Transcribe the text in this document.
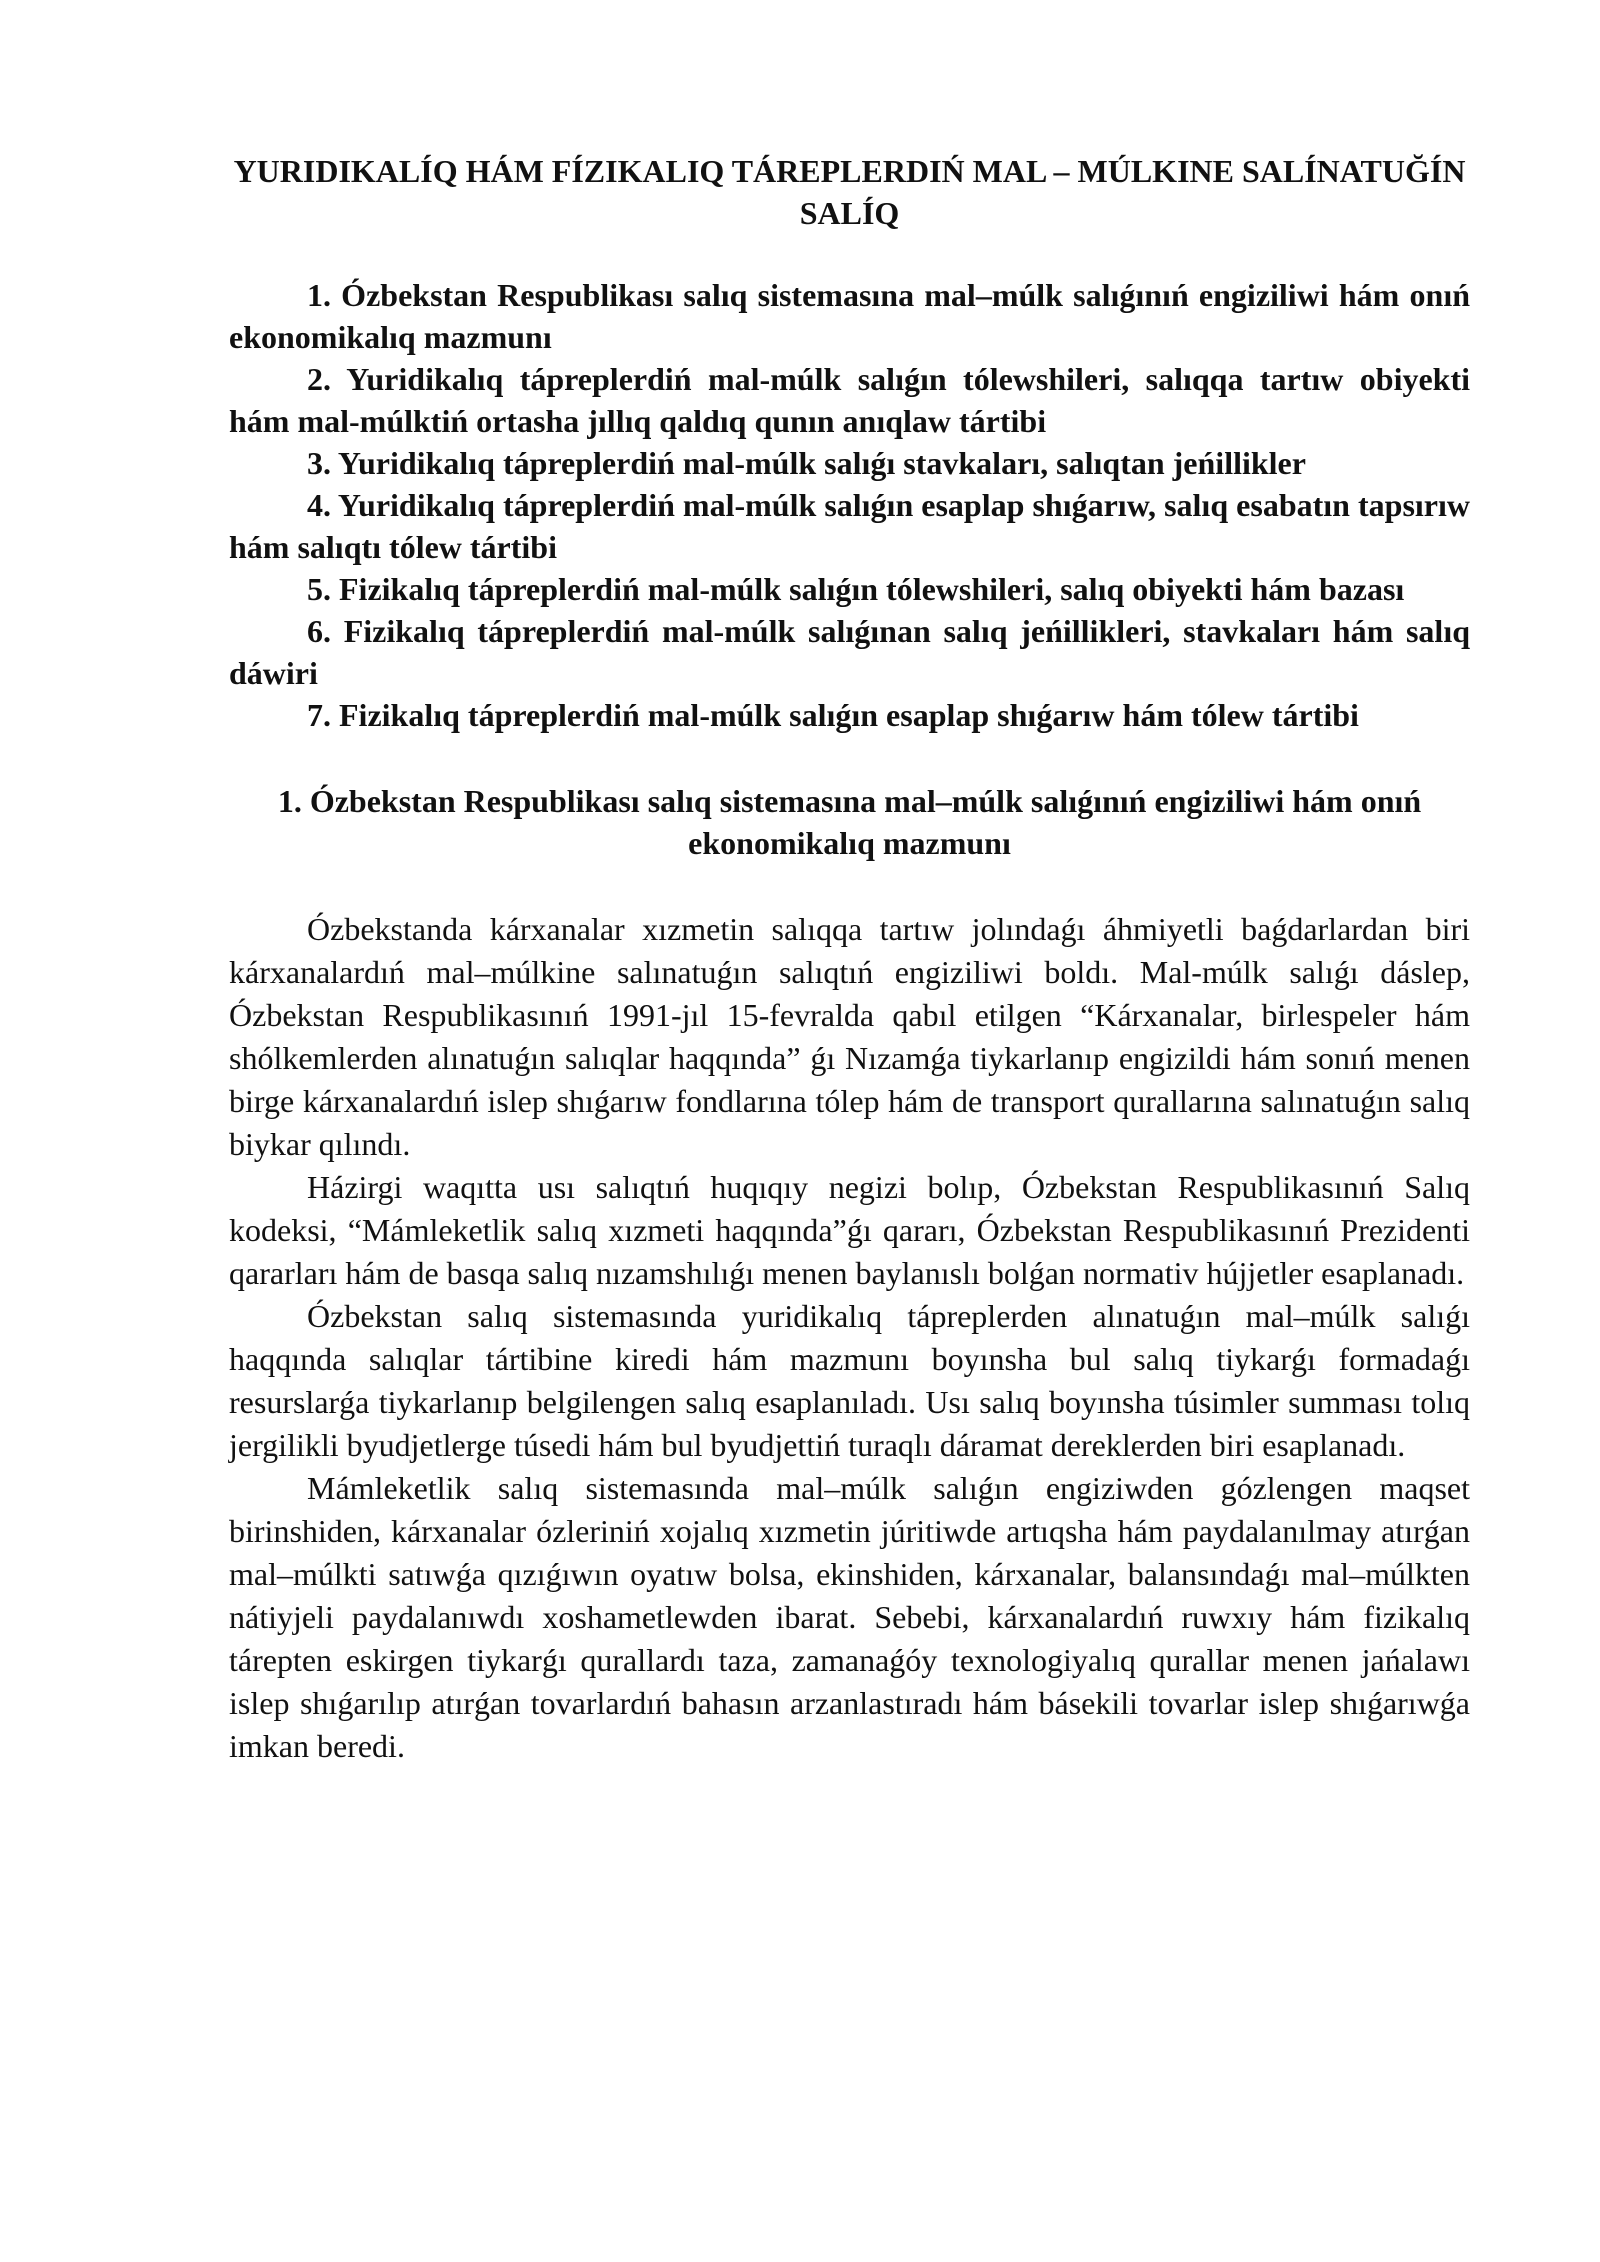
YURIDIKALÍQ HÁM FÍZIKALIQ TÁREPLERDIŃ MAL – MÚLKINE SALÍNATUĞÍN SALÍQ

1. Ózbekstan Respublikası salıq sistemasına mal–múlk salıǵınıń engiziliwi hám onıń ekonomikalıq mazmunı

2. Yuridikalıq tápreplerdiń mal-múlk salıǵın tólewshileri, salıqqa tartıw obiyekti hám mal-múlktiń ortasha jıllıq qaldıq qunın anıqlaw tártibi

3. Yuridikalıq tápreplerdiń mal-múlk salıǵı stavkaları, salıqtan jeńillikler

4. Yuridikalıq tápreplerdiń mal-múlk salıǵın esaplap shıǵarıw, salıq esabatın tapsırıw hám salıqtı tólew tártibi

5. Fizikalıq tápreplerdiń mal-múlk salıǵın tólewshileri, salıq obiyekti hám bazası

6. Fizikalıq tápreplerdiń mal-múlk salıǵınan salıq jeńillikleri, stavkaları hám salıq dáwiri

7. Fizikalıq tápreplerdiń mal-múlk salıǵın esaplap shıǵarıw hám tólew tártibi

1. Ózbekstan Respublikası salıq sistemasına mal–múlk salıǵınıń engiziliwi hám onıń ekonomikalıq mazmunı

Ózbekstanda kárxanalar xızmetin salıqqa tartıw jolındaǵı áhmiyetli baǵdarlardan biri kárxanalardıń mal–múlkine salınatuǵın salıqtıń engiziliwi boldı. Mal-múlk salıǵı dáslep, Ózbekstan Respublikasınıń 1991-jıl 15-fevralda qabıl etilgen “Kárxanalar, birlespeler hám shólkemlerden alınatuǵın salıqlar haqqında” ǵı Nızamǵa tiykarlanıp engizildi hám sonıń menen birge kárxanalardıń islep shıǵarıw fondlarına tólep hám de transport qurallarına salınatuǵın salıq biykar qılındı.

Házirgi waqıtta usı salıqtıń huqıqıy negizi bolıp, Ózbekstan Respublikasınıń Salıq kodeksi, “Mámleketlik salıq xızmeti haqqında”ǵı qararı, Ózbekstan Respublikasınıń Prezidenti qararları hám de basqa salıq nızamshılıǵı menen baylanıslı bolǵan normativ hújjetler esaplanadı.

Ózbekstan salıq sistemasında yuridikalıq tápreplerden alınatuǵın mal–múlk salıǵı haqqında salıqlar tártibine kiredi hám mazmunı boyınsha bul salıq tiykarǵı formadaǵı resurslarǵa tiykarlanıp belgilengen salıq esaplanıladı. Usı salıq boyınsha túsimler summası tolıq jergilikli byudjetlerge túsedi hám bul byudjettiń turaqlı dáramat dereklerden biri esaplanadı.

Mámleketlik salıq sistemasında mal–múlk salıǵın engiziwden gózlengen maqset birinshiden, kárxanalar ózleriniń xojalıq xızmetin júritiwde artıqsha hám paydalanılmay atırǵan mal–múlkti satıwǵa qızıǵıwın oyatıw bolsa, ekinshiden, kárxanalar, balansındaǵı mal–múlkten nátiyjeli paydalanıwdı xoshametlewden ibarat. Sebebi, kárxanalardıń ruwxıy hám fizikalıq tárepten eskirgen tiykarǵı qurallardı taza, zamanaǵóy texnologiyalıq qurallar menen jańalawı islep shıǵarılıp atırǵan tovarlardıń bahasın arzanlastıradı hám básekili tovarlar islep shıǵarıwǵa imkan beredi.
